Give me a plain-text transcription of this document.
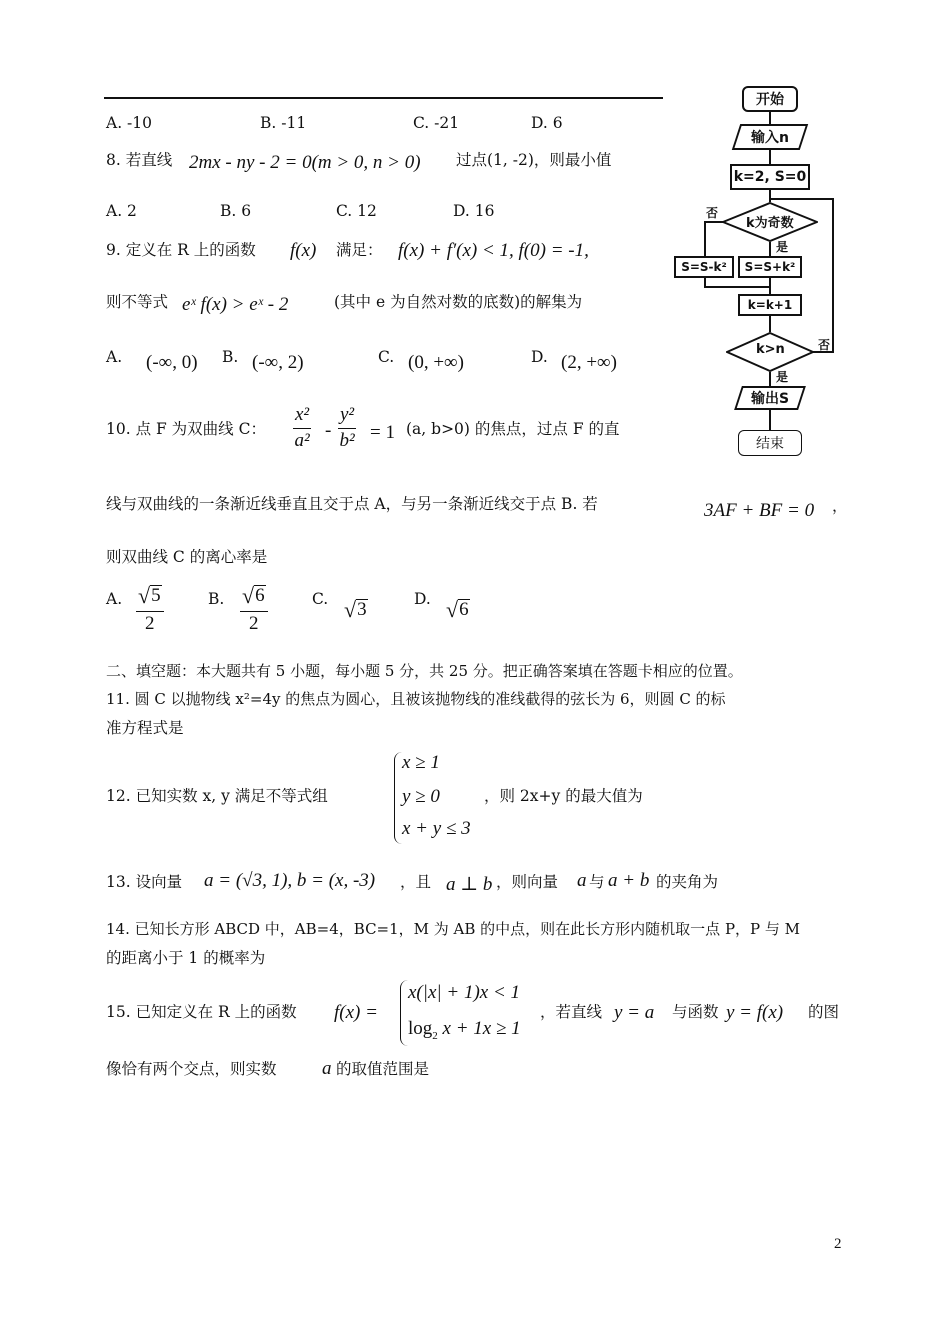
A. -10	B. -11	C. -21	D. 6
8. 若直线 2mx - ny - 2 = 0(m > 0, n > 0) 过点(1, -2)，则最小值
A. 2	B. 6	C. 12	D. 16
9. 定义在 R 上的函数 f(x) 满足： f(x) + f′(x) < 1, f(0) = -1,
则不等式 eˣ f(x) > eˣ - 2	(其中 e 为自然对数的底数)的解集为
A. (-∞, 0) B. (-∞, 2)	C. (0, +∞)	D. (2, +∞)
10. 点 F 为双曲线 C： $\frac{\text{x²}}{\text{a²}} - \frac{\text{y²}}{\text{b²}} = 1$ (a, b>0) 的焦点，过点 F 的直
线与双曲线的一条渐近线垂直且交于点 A，与另一条渐近线交于点 B. 若	3AF + BF = 0 ，
则双曲线 C 的离心率是
A. $\frac{√ 5}{2}$	B. $\frac{√ 6}{2}$	C. √ 3	D. √ 6
二、填空题：本大题共有 5 小题，每小题 5 分，共 25 分。把正确答案填在答题卡相应的位置。
11. 圆 C 以抛物线 x²=4y 的焦点为圆心，且被该抛物线的准线截得的弦长为 6，则圆 C 的标
准方程式是
12. 已知实数 x, y 满足不等式组
x ≥ 1
y ≥ 0
x + y ≤ 3
，则 2x+y 的最大值为
13. 设向量 a = (√3, 1), b = (x, -3) ，且 a ⊥ b ，则向量 a 与 a + b 的夹角为
14. 已知长方形 ABCD 中，AB=4，BC=1，M 为 AB 的中点，则在此长方形内随机取一点 P，P 与 M
的距离小于 1 的概率为
15. 已知定义在 R 上的函数 f(x) =
x(|x| + 1)x < 1
$\log_2 x + 1x \ge 1$
，若直线 y = a 与函数 y = f(x) 的图
像恰有两个交点，则实数 a 的取值范围是
2
开始
输入n
k=2, S=0
k为奇数
否
是
S=S-k²	S=S+k²
k=k+1
k>n	否
是
输出S
结束
